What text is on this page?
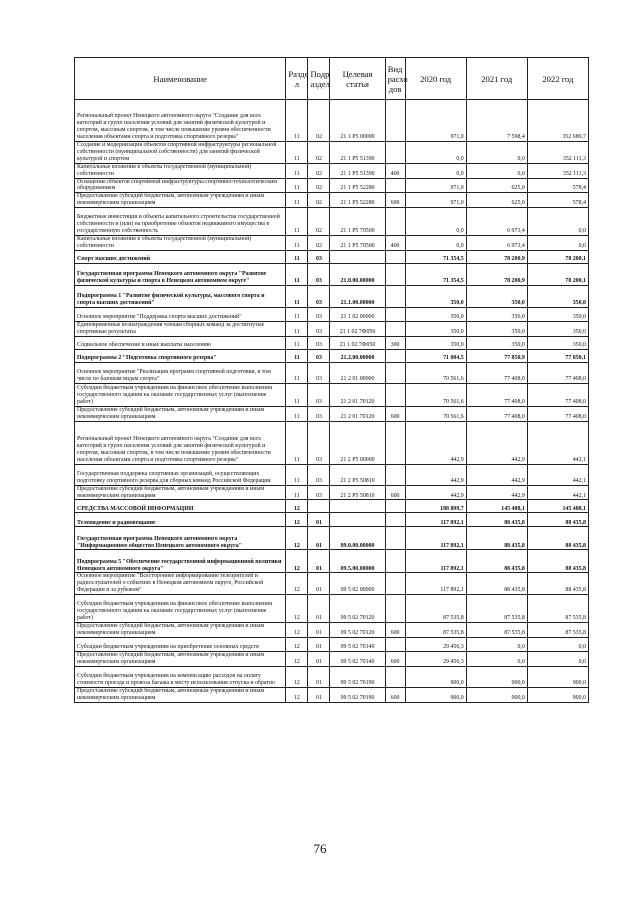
Наименование	Разде л	Подр аздел	Целевая статья	Вид расхо дов	2020 год	2021 год	2022 год
Региональный проект Ненецкого автономного округа "Создание для всех категорий и групп населения условий для занятий физической культурой и спортом, массовым спортом, в том числе повышение уровня обеспеченности населения объектами спорта и подготовка спортивного резерва"	11	02	21 1 P5 00000		971,0	7 598,4	352 689,7
Создание и модернизация объектов спортивной инфраструктуры региональной собственности (муниципальной собственности) для занятий физической культурой и спортом	11	02	21 1 P5 51390		0,0	0,0	352 111,3
Капитальные вложения в объекты государственной (муниципальной) собственности	11	02	21 1 P5 51390	400	0,0	0,0	352 111,3
Оснащение объектов спортивной инфраструктуры спортивно-технологическим оборудованием	11	02	21 1 P5 52280		971,0	625,0	578,4
Предоставление субсидий бюджетным, автономным учреждениям и иным некоммерческим организациям	11	02	21 1 P5 52280	600	971,0	625,0	578,4
Бюджетные инвестиции в объекты капитального строительства государственной собственности и (или) на приобретение объектов недвижимого имущества в государственную собственность	11	02	21 1 P5 70500		0,0	6 973,4	0,0
Капитальные вложения в объекты государственной (муниципальной) собственности	11	02	21 1 P5 70500	400	0,0	6 973,4	0,0
Спорт высших достижений	11	03			71 354,5	78 200,9	78 200,1
Государственная программа Ненецкого автономного округа "Развитие физической культуры и спорта в Ненецком автономном округе"	11	03	21.0.00.00000		71 354,5	78 200,9	78 200,1
Подпрограмма 1 "Развитие физической культуры, массового спорта и спорта высших достижений"	11	03	21.1.00.00000		350,0	350,0	350,0
Основное мероприятие "Поддержка спорта высших достижений"	11	03	21 1 02 00000		350,0	350,0	350,0
Единовременные вознаграждения членам сборных команд за достигнутые спортивные результаты	11	03	21 1 02 7Ф050		350,0	350,0	350,0
Социальное обеспечение и иные выплаты населению	11	03	21 1 02 7Ф050	300	350,0	350,0	350,0
Подпрограмма 2 "Подготовка спортивного резерва"	11	03	21.2.00.00000		71 004,5	77 850,9	77 850,1
Основное мероприятие "Реализация программ спортивной подготовки, в том числе по базовым видам спорта"	11	03	21 2 01 00000		70 561,6	77 408,0	77 408,0
Субсидии бюджетным учреждениям на финансовое обеспечение выполнения государственного задания на оказание государственных услуг (выполнение работ)	11	03	21 2 01 70120		70 561,6	77 408,0	77 408,0
Предоставление субсидий бюджетным, автономным учреждениям и иным некоммерческим организациям	11	03	21 2 01 70120	600	70 561,6	77 408,0	77 408,0
Региональный проект Ненецкого автономного округа "Создание для всех категорий и групп населения условий для занятий физической культурой и спортом, массовым спортом, в том числе повышение уровня обеспеченности населения объектами спорта и подготовка спортивного резерва"	11	03	21 2 P5 00000		442,9	442,9	442,1
Государственная поддержка спортивных организаций, осуществляющих подготовку спортивного резерва для сборных команд Российской Федерации	11	03	21 2 P5 50810		442,9	442,9	442,1
Предоставление субсидий бюджетным, автономным учреждениям и иным некоммерческим организациям	11	03	21 2 P5 50810	600	442,9	442,9	442,1
СРЕДСТВА МАССОВОЙ ИНФОРМАЦИИ	12				188 899,7	145 488,1	145 488,1
Телевидение и радиовещание	12	01			117 892,1	88 435,8	88 435,8
Государственная программа Ненецкого автономного округа "Информационное общество Ненецкого автономного округа"	12	01	09.0.00.00000		117 892,1	88 435,8	88 435,8
Подпрограмма 5 "Обеспечение государственной информационной политики Ненецкого автономного округа"	12	01	09.5.00.00000		117 892,1	88 435,8	88 435,8
Основное мероприятие "Всестороннее информирование телезрителей и радиослушателей о событиях в Ненецком автономном округе, Российской Федерации и за рубежом"	12	01	09 5 02 00000		117 892,1	88 435,8	88 435,8
Субсидии бюджетным учреждениям на финансовое обеспечение выполнения государственного задания на оказание государственных услуг (выполнение работ)	12	01	09 5 02 70120		87 535,8	87 535,8	87 535,8
Предоставление субсидий бюджетным, автономным учреждениям и иным некоммерческим организациям	12	01	09 5 02 70120	600	87 535,8	87 535,8	87 535,8
Субсидии бюджетным учреждениям на приобретение основных средств	12	01	09 5 02 70140		29 456,3	0,0	0,0
Предоставление субсидий бюджетным, автономным учреждениям и иным некоммерческим организациям	12	01	09 5 02 70140	600	29 456,3	0,0	0,0
Субсидии бюджетным учреждениям на компенсацию расходов на оплату стоимости проезда и провоза багажа к месту использования отпуска и обратно	12	01	09 5 02 70190		900,0	900,0	900,0
Предоставление субсидий бюджетным, автономным учреждениям и иным некоммерческим организациям	12	01	09 5 02 70190	600	900,0	900,0	900,0
76
